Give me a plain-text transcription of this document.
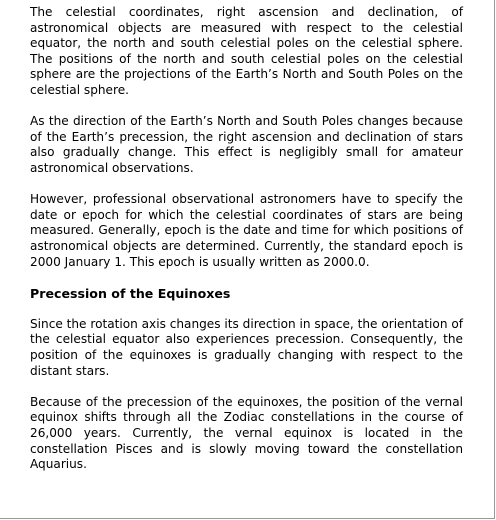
The celestial coordinates, right ascension and declination, of astronomical objects are measured with respect to the celestial equator, the north and south celestial poles on the celestial sphere. The positions of the north and south celestial poles on the celestial sphere are the projections of the Earth’s North and South Poles on the celestial sphere.

As the direction of the Earth’s North and South Poles changes because of the Earth’s precession, the right ascension and declination of stars also gradually change. This effect is negligibly small for amateur astronomical observations.

However, professional observational astronomers have to specify the date or epoch for which the celestial coordinates of stars are being measured. Generally, epoch is the date and time for which positions of astronomical objects are determined. Currently, the standard epoch is 2000 January 1. This epoch is usually written as 2000.0.

Precession of the Equinoxes

Since the rotation axis changes its direction in space, the orientation of the celestial equator also experiences precession. Consequently, the position of the equinoxes is gradually changing with respect to the distant stars.

Because of the precession of the equinoxes, the position of the vernal equinox shifts through all the Zodiac constellations in the course of 26,000 years. Currently, the vernal equinox is located in the constellation Pisces and is slowly moving toward the constellation Aquarius.
